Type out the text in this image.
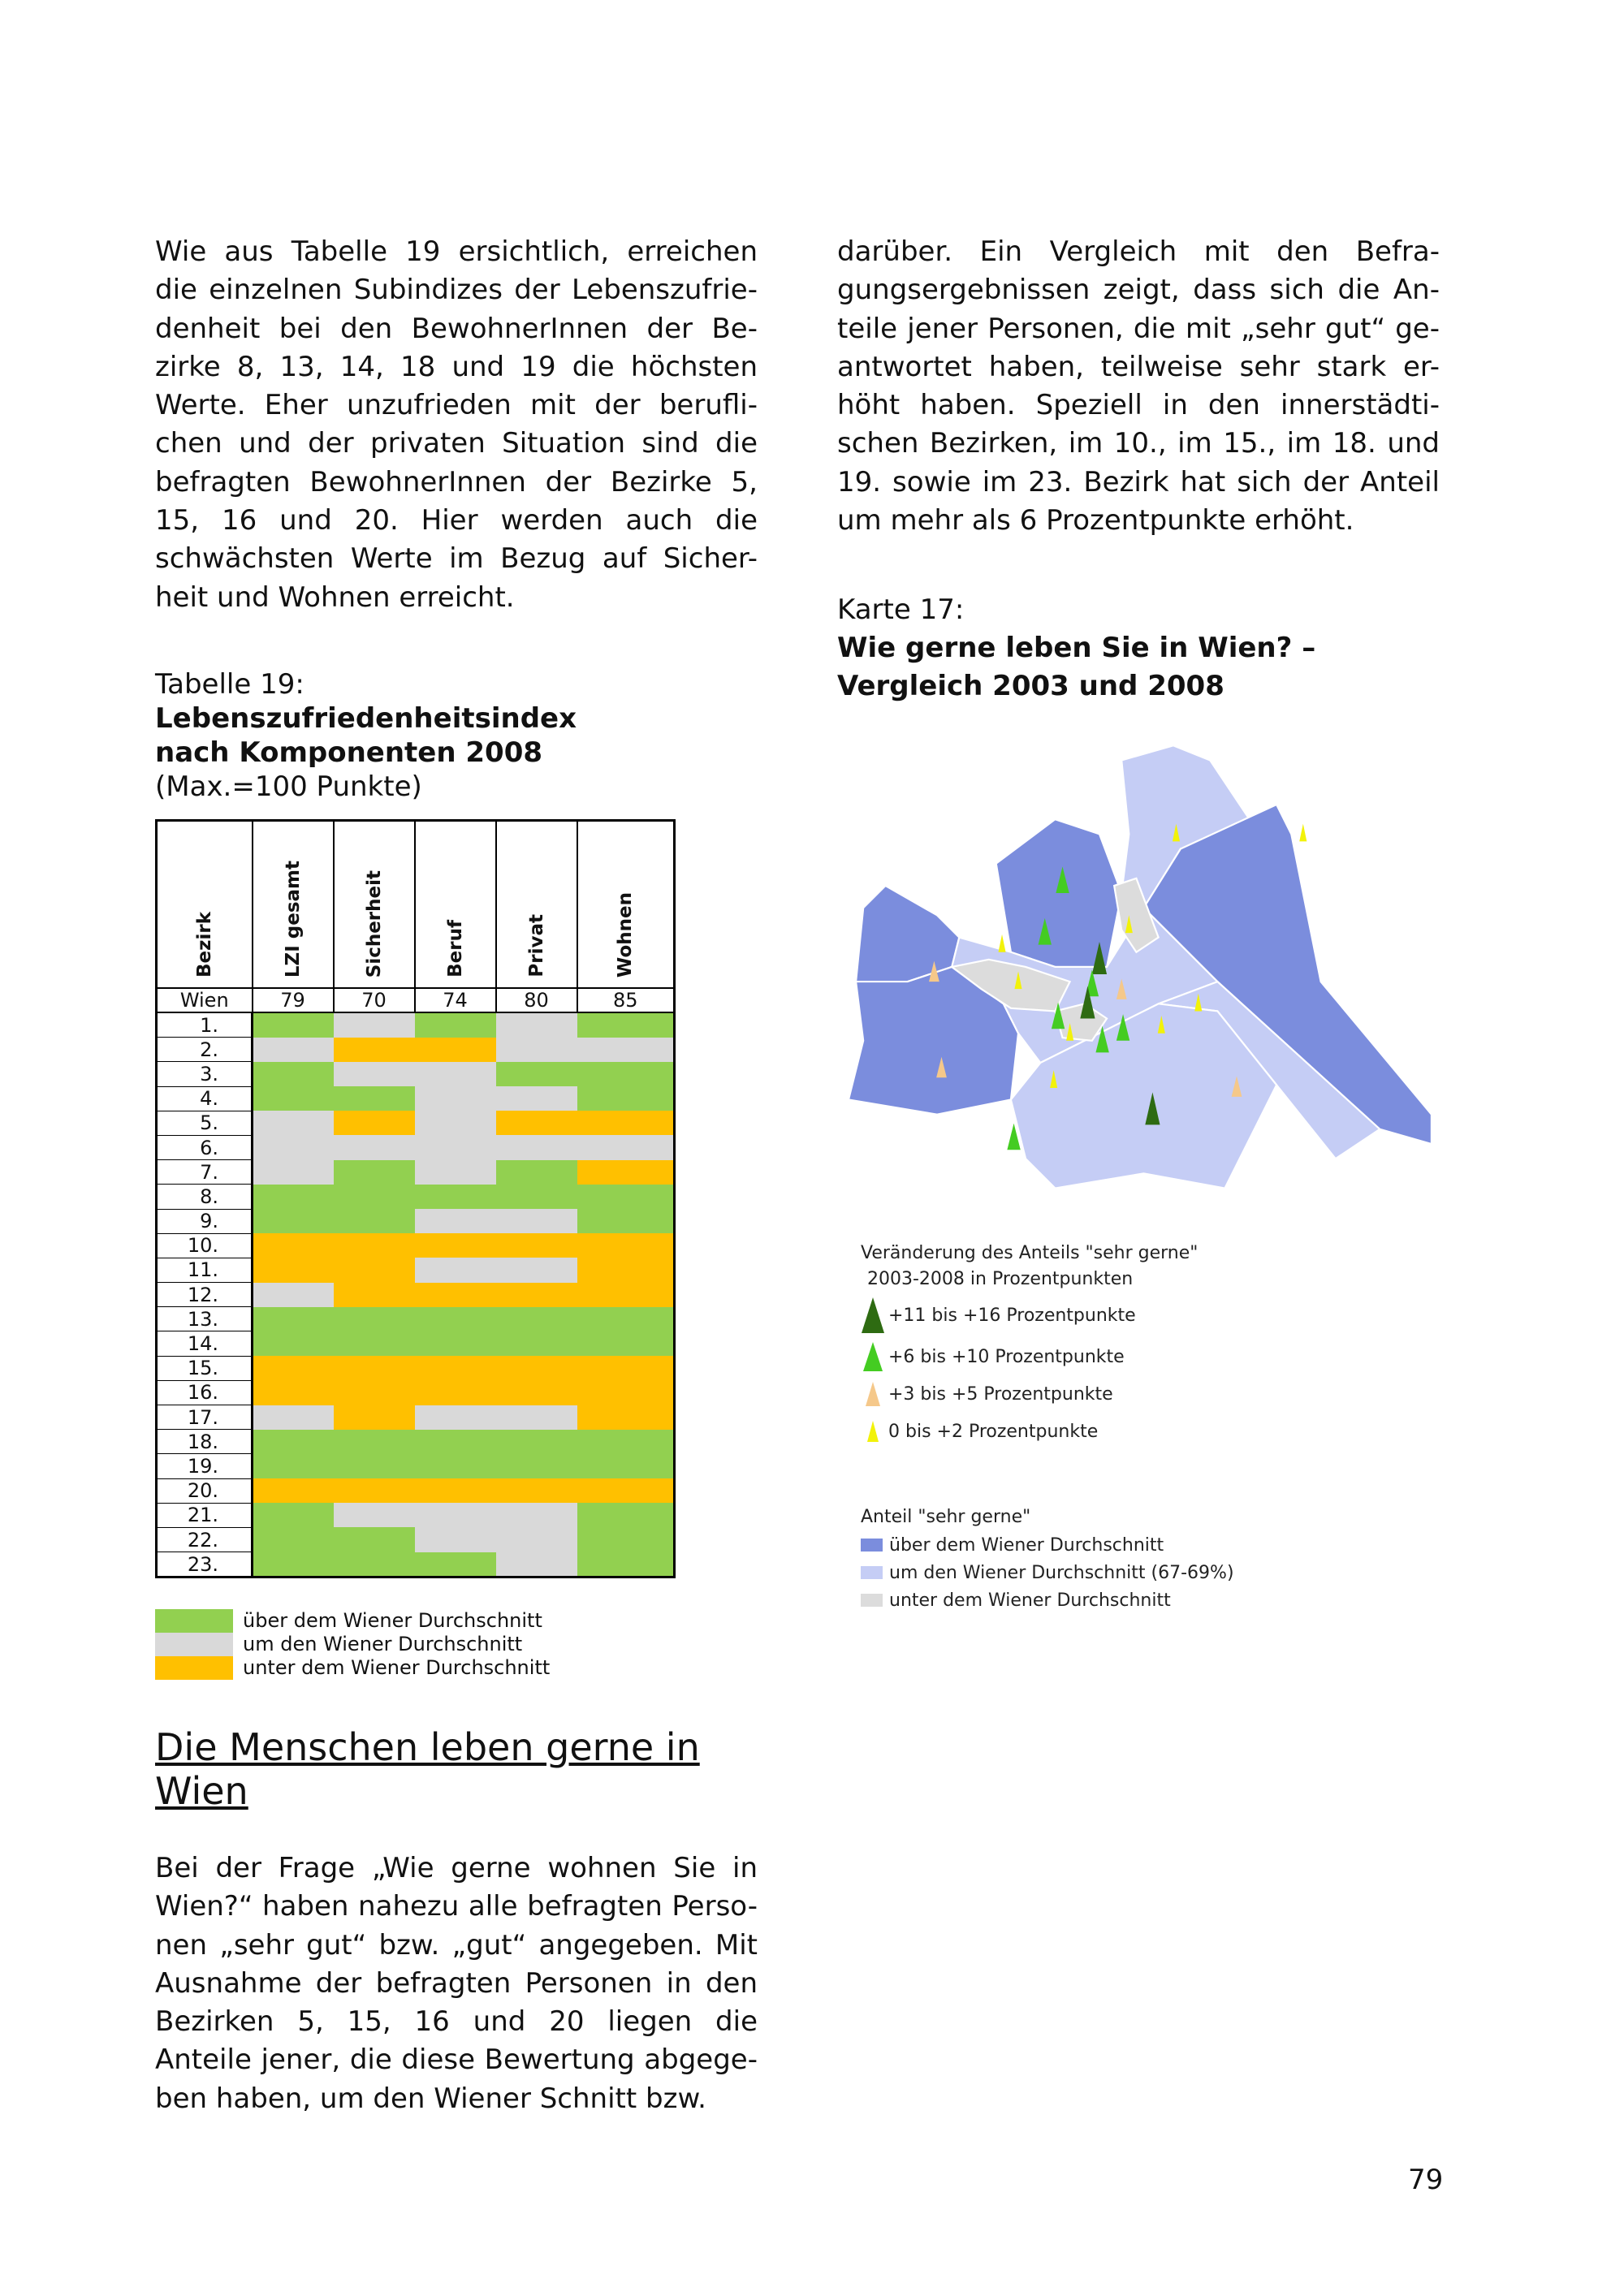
Wie aus Tabelle 19 ersichtlich, erreichen die einzelnen Subindizes der Lebenszufrie-denheit bei den BewohnerInnen der Be-zirke 8, 13, 14, 18 und 19 die höchsten Werte. Eher unzufrieden mit der berufli-chen und der privaten Situation sind die befragten BewohnerInnen der Bezirke 5, 15, 16 und 20. Hier werden auch die schwächsten Werte im Bezug auf Sicher-heit und Wohnen erreicht.

Tabelle 19:
Lebenszufriedenheitsindex
nach Komponenten 2008
(Max.=100 Punkte)
Bezirk	LZI gesamt	Sicherheit	Beruf	Privat	Wohnen
Wien	79	70	74	80	85
1.					
2.					
3.					
4.					
5.					
6.					
7.					
8.					
9.					
10.					
11.					
12.					
13.					
14.					
15.					
16.					
17.					
18.					
19.					
20.					
21.					
22.					
23.					
über dem Wiener Durchschnitt
um den Wiener Durchschnitt
unter dem Wiener Durchschnitt
Die Menschen leben gerne in Wien

Bei der Frage „Wie gerne wohnen Sie in Wien?“ haben nahezu alle befragten Perso-nen „sehr gut“ bzw. „gut“ angegeben. Mit Ausnahme der befragten Personen in den Bezirken 5, 15, 16 und 20 liegen die Anteile jener, die diese Bewertung abgege-ben haben, um den Wiener Schnitt bzw.

darüber. Ein Vergleich mit den Befra-gungsergebnissen zeigt, dass sich die An-teile jener Personen, die mit „sehr gut“ ge-antwortet haben, teilweise sehr stark er-höht haben. Speziell in den innerstädti-schen Bezirken, im 10., im 15., im 18. und 19. sowie im 23. Bezirk hat sich der Anteil um mehr als 6 Prozentpunkte erhöht.

Karte 17:
Wie gerne leben Sie in Wien? –
Vergleich 2003 und 2008
Veränderung des Anteils "sehr gerne"
2003-2008 in Prozentpunkten
+11 bis +16 Prozentpunkte
+6 bis +10 Prozentpunkte
+3 bis +5 Prozentpunkte
0 bis +2 Prozentpunkte
Anteil "sehr gerne"
über dem Wiener Durchschnitt
um den Wiener Durchschnitt (67-69%)
unter dem Wiener Durchschnitt
79
